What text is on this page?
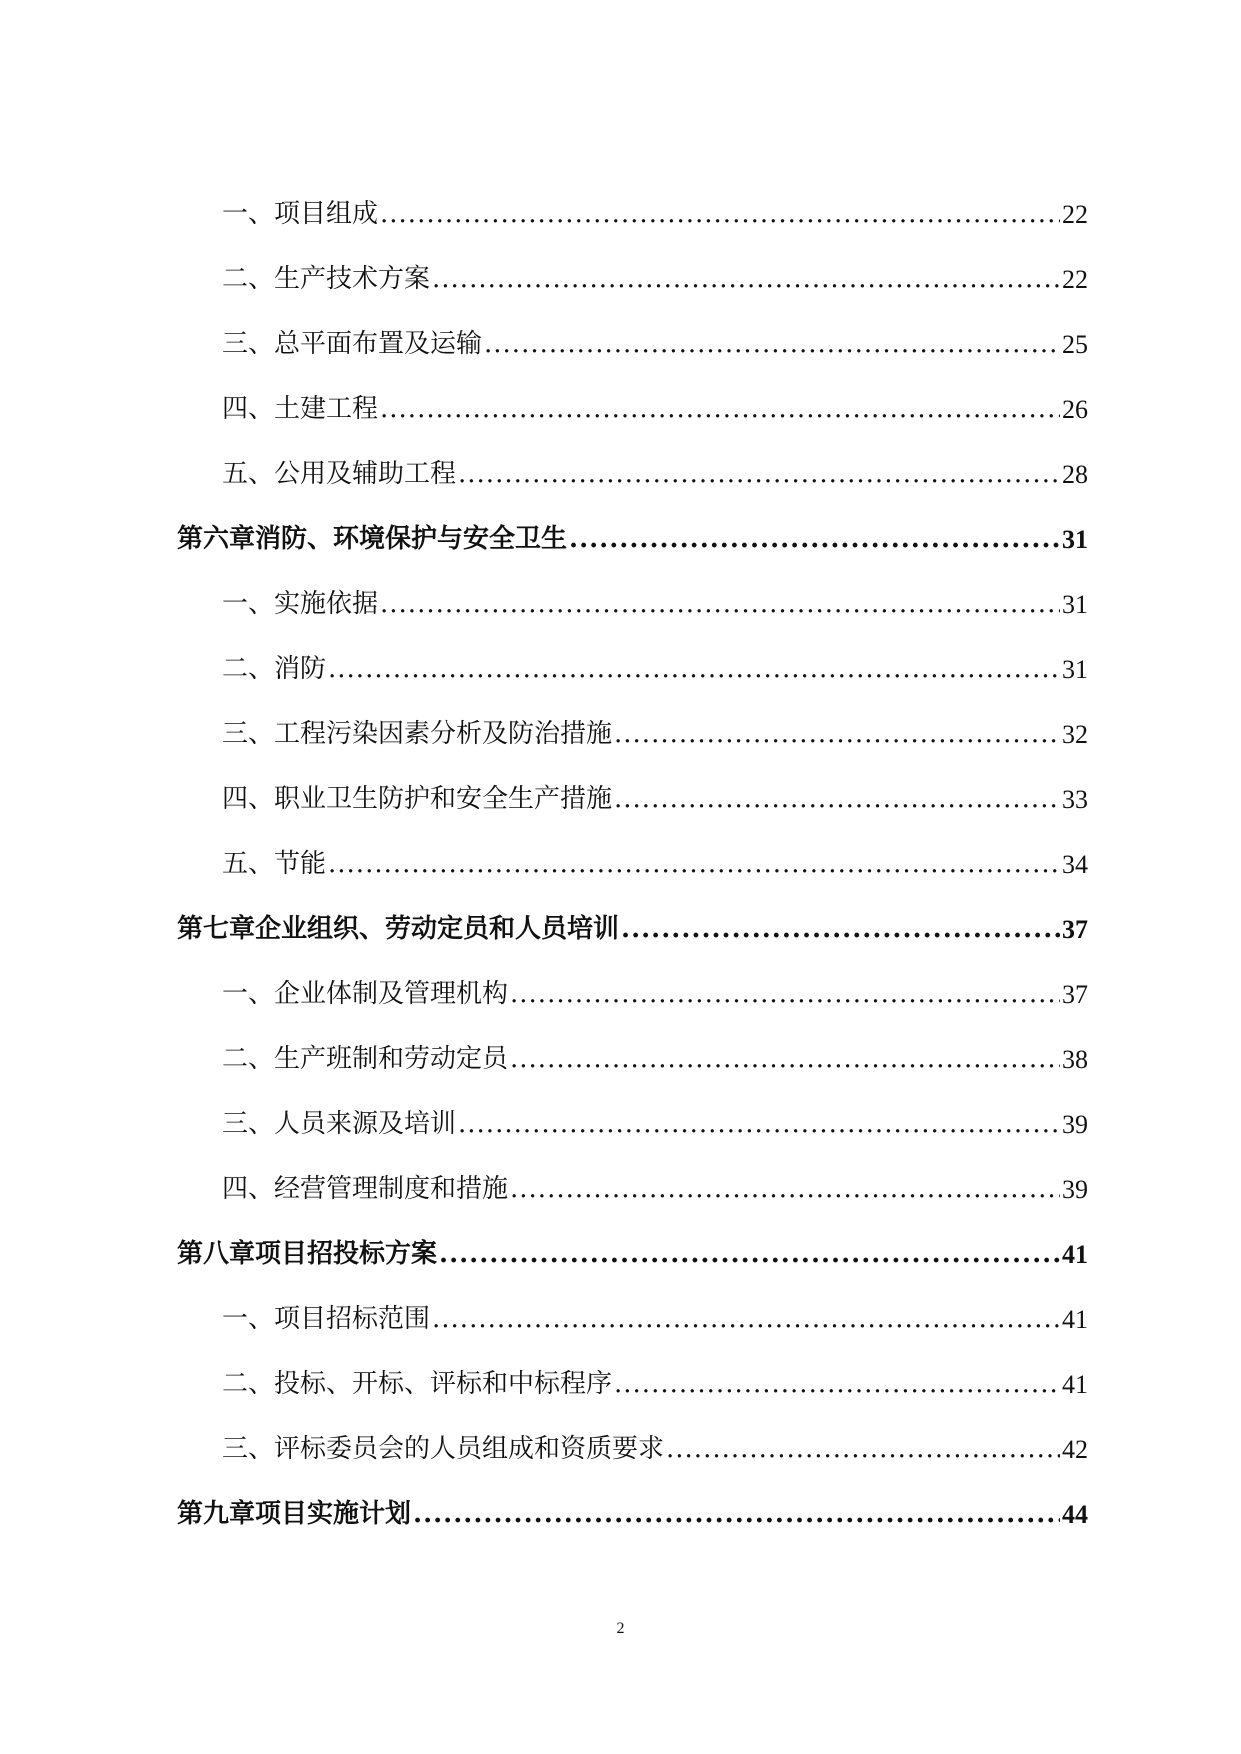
一、项目组成 .....	22
二、生产技术方案 .....	22
三、总平面布置及运输 .....	25
四、土建工程 .....	26
五、公用及辅助工程 .....	28
第六章 消防、环境保护与安全卫生 .....	31
一、实施依据 .....	31
二、消防 .....	31
三、工程污染因素分析及防治措施 .....	32
四、职业卫生防护和安全生产措施 .....	33
五、节能 .....	34
第七章 企业组织、劳动定员和人员培训 .....	37
一、企业体制及管理机构 .....	37
二、生产班制和劳动定员 .....	38
三、人员来源及培训 .....	39
四、经营管理制度和措施 .....	39
第八章 项目招投标方案 .....	41
一、项目招标范围 .....	41
二、投标、开标、评标和中标程序 .....	41
三、评标委员会的人员组成和资质要求 .....	42
第九章 项目实施计划 .....	44
2
